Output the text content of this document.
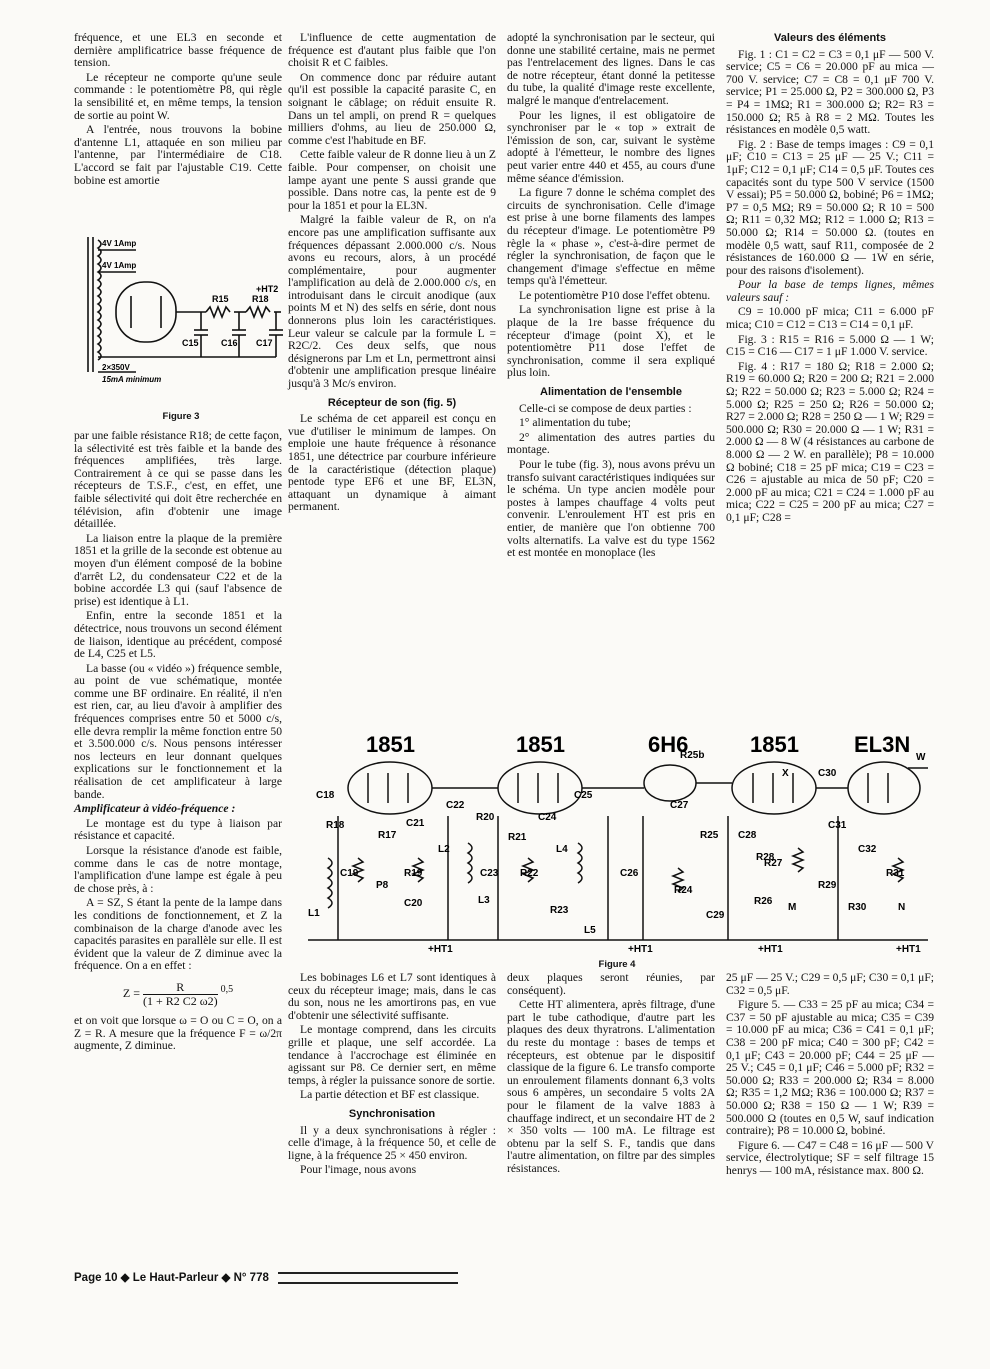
fréquence, et une EL3 en seconde et dernière amplificatrice basse fréquence de tension.

Le récepteur ne comporte qu'une seule commande : le potentiomètre P8, qui règle la sensibilité et, en même temps, la tension de sortie au point W.

A l'entrée, nous trouvons la bobine d'antenne L1, attaquée en son milieu par l'antenne, par l'intermédiaire de C18. L'accord se fait par l'ajustable C19. Cette bobine est amortie

4V 1Amp
4V 1Amp
R15	R18
+HT2
C15 C16 C17
2×350V
15mA minimum
Figure 3

par une faible résistance R18; de cette façon, la sélectivité est très faible et la bande des fréquences amplifiées, très large. Contrairement à ce qui se passe dans les récepteurs de T.S.F., c'est, en effet, une faible sélectivité qui doit être recherchée en télévision, afin d'obtenir une image détaillée.

La liaison entre la plaque de la première 1851 et la grille de la seconde est obtenue au moyen d'un élément composé de la bobine d'arrêt L2, du condensateur C22 et de la bobine accordée L3 qui (sauf l'absence de prise) est identique à L1.

Enfin, entre la seconde 1851 et la détectrice, nous trouvons un second élément de liaison, identique au précédent, composé de L4, C25 et L5.

La basse (ou « vidéo ») fréquence semble, au point de vue schématique, montée comme une BF ordinaire. En réalité, il n'en est rien, car, au lieu d'avoir à amplifier des fréquences comprises entre 50 et 5000 c/s, elle devra remplir la même fonction entre 50 et 3.500.000 c/s. Nous pensons intéresser nos lecteurs en leur donnant quelques explications sur le fonctionnement et la réalisation de cet amplificateur à large bande.

Amplificateur à vidéo-fréquence :

Le montage est du type à liaison par résistance et capacité.

Lorsque la résistance d'anode est faible, comme dans le cas de notre montage, l'amplification d'une lampe est égale à peu de chose près, à :

A = SZ, S étant la pente de la lampe dans les conditions de fonctionnement, et Z la combinaison de la charge d'anode avec les capacités parasites en parallèle sur elle. Il est évident que la valeur de Z diminue avec la fréquence. On a en effet :

$Z = \frac{R}{(1 + R2 C2 \omega 2)} ^{0,5}$

et on voit que lorsque ω = O ou C = O, on a Z = R. A mesure que la fréquence F = ω/2π augmente, Z diminue.

L'influence de cette augmentation de fréquence est d'autant plus faible que l'on choisit R et C faibles.

On commence donc par réduire autant qu'il est possible la capacité parasite C, en soignant le câblage; on réduit ensuite R. Dans un tel ampli, on prend R = quelques milliers d'ohms, au lieu de 250.000 Ω, comme c'est l'habitude en BF.

Cette faible valeur de R donne lieu à un Z faible. Pour compenser, on choisit une lampe ayant une pente S aussi grande que possible. Dans notre cas, la pente est de 9 pour la 1851 et pour la EL3N.

Malgré la faible valeur de R, on n'a encore pas une amplification suffisante aux fréquences dépassant 2.000.000 c/s. Nous avons eu recours, alors, à un procédé complémentaire, pour augmenter l'amplification au delà de 2.000.000 c/s, en introduisant dans le circuit anodique (aux points M et N) des selfs en série, dont nous donnerons plus loin les caractéristiques. Leur valeur se calcule par la formule L = R2C/2. Ces deux selfs, que nous désignerons par Lm et Ln, permettront ainsi d'obtenir une amplification presque linéaire jusqu'à 3 Mc/s environ.

Récepteur de son (fig. 5)

Le schéma de cet appareil est conçu en vue d'utiliser le minimum de lampes. On emploie une haute fréquence à résonance 1851, une détectrice par courbure inférieure de la caractéristique (détection plaque) pentode type EF6 et une BF, EL3N, attaquant un dynamique à aimant permanent.

adopté la synchronisation par le secteur, qui donne une stabilité certaine, mais ne permet pas l'entrelacement des lignes. Dans le cas de notre récepteur, étant donné la petitesse du tube, la qualité d'image reste excellente, malgré le manque d'entrelacement.

Pour les lignes, il est obligatoire de synchroniser par le « top » extrait de l'émission de son, car, suivant le système adopté à l'émetteur, le nombre des lignes peut varier entre 440 et 455, au cours d'une même séance d'émission.

La figure 7 donne le schéma complet des circuits de synchronisation. Celle d'image est prise à une borne filaments des lampes du récepteur d'image. Le potentiomètre P9 règle la « phase », c'est-à-dire permet de régler la synchronisation, de façon que le changement d'image s'effectue en même temps qu'à l'émetteur.

Le potentiomètre P10 dose l'effet obtenu.

La synchronisation ligne est prise à la plaque de la 1re basse fréquence du récepteur d'image (point X), et le potentiomètre P11 dose l'effet de synchronisation, comme il sera expliqué plus loin.

Alimentation de l'ensemble

Celle-ci se compose de deux parties :

1° alimentation du tube;

2° alimentation des autres parties du montage.

Pour le tube (fig. 3), nous avons prévu un transfo suivant caractéristiques indiquées sur le schéma. Un type ancien modèle pour postes à lampes chauffage 4 volts peut convenir. L'enroulement HT est pris en entier, de manière que l'on obtienne 700 volts alternatifs. La valve est du type 1562 et est montée en monoplace (les

Valeurs des éléments

Fig. 1 : C1 = C2 = C3 = 0,1 μF — 500 V. service; C5 = C6 = 20.000 pF au mica — 700 V. service; C7 = C8 = 0,1 μF 700 V. service; P1 = 25.000 Ω, P2 = 300.000 Ω, P3 = P4 = 1MΩ; R1 = 300.000 Ω; R2= R3 = 150.000 Ω; R5 à R8 = 2 MΩ. Toutes les résistances en modèle 0,5 watt.

Fig. 2 : Base de temps images : C9 = 0,1 μF; C10 = C13 = 25 μF — 25 V.; C11 = 1μF; C12 = 0,1 μF; C14 = 0,5 μF. Toutes ces capacités sont du type 500 V service (1500 V essai); P5 = 50.000 Ω, bobiné; P6 = 1MΩ; P7 = 0,5 MΩ; R9 = 50.000 Ω; R 10 = 500 Ω; R11 = 0,32 MΩ; R12 = 1.000 Ω; R13 = 50.000 Ω; R14 = 50.000 Ω. (toutes en modèle 0,5 watt, sauf R11, composée de 2 résistances de 160.000 Ω — 1W en série, pour des raisons d'isolement).

Pour la base de temps lignes, mêmes valeurs sauf :

C9 = 10.000 pF mica; C11 = 6.000 pF mica; C10 = C12 = C13 = C14 = 0,1 μF.

Fig. 3 : R15 = R16 = 5.000 Ω — 1 W; C15 = C16 — C17 = 1 μF 1.000 V. service.

Fig. 4 : R17 = 180 Ω; R18 = 2.000 Ω; R19 = 60.000 Ω; R20 = 200 Ω; R21 = 2.000 Ω; R22 = 50.000 Ω; R23 = 5.000 Ω; R24 = 5.000 Ω; R25 = 250 Ω; R26 = 50.000 Ω; R27 = 2.000 Ω; R28 = 250 Ω — 1 W; R29 = 500.000 Ω; R30 = 20.000 Ω — 1 W; R31 = 2.000 Ω — 8 W (4 résistances au carbone de 8.000 Ω — 2 W. en parallèle); P8 = 10.000 Ω bobiné; C18 = 25 pF mica; C19 = C23 = C26 = ajustable au mica de 50 pF; C20 = 2.000 pF au mica; C21 = C24 = 1.000 pF au mica; C22 = C25 = 200 pF au mica; C27 = 0,1 μF; C28 =

1851	1851	6H6	1851	EL3N
C18
R18	C21
C22
R20	C24
C25
L2
L3
L4
L5
R17
C19
P8
R19
C20
C23
R21
R22	C26
R23
R24
C27
R25
R25b
C28
R28
X	C30
C31
C32
R27
R29
R26
M	R30
R31
C29
N
W
L1
+HT1	+HT1	+HT1	+HT1
Figure 4

Les bobinages L6 et L7 sont identiques à ceux du récepteur image; mais, dans le cas du son, nous ne les amortirons pas, en vue d'obtenir une sélectivité suffisante.

Le montage comprend, dans les circuits grille et plaque, une self accordée. La tendance à l'accrochage est éliminée en agissant sur P8. Ce dernier sert, en même temps, à régler la puissance sonore de sortie.

La partie détection et BF est classique.

Synchronisation

Il y a deux synchronisations à régler : celle d'image, à la fréquence 50, et celle de ligne, à la fréquence 25 × 450 environ.

Pour l'image, nous avons

deux plaques seront réunies, par conséquent).

Cette HT alimentera, après filtrage, d'une part le tube cathodique, d'autre part les plaques des deux thyratrons. L'alimentation du reste du montage : bases de temps et récepteurs, est obtenue par le dispositif classique de la figure 6. Le transfo comporte un enroulement filaments donnant 6,3 volts sous 6 ampères, un secondaire 5 volts 2A pour le filament de la valve 1883 à chauffage indirect, et un secondaire HT de 2 × 350 volts — 100 mA. Le filtrage est obtenu par la self S. F., tandis que dans l'autre alimentation, on filtre par des simples résistances.

25 μF — 25 V.; C29 = 0,5 μF; C30 = 0,1 μF; C32 = 0,5 μF.

Figure 5. — C33 = 25 pF au mica; C34 = C37 = 50 pF ajustable au mica; C35 = C39 = 10.000 pF au mica; C36 = C41 = 0,1 μF; C38 = 200 pF mica; C40 = 300 pF; C42 = 0,1 μF; C43 = 20.000 pF; C44 = 25 μF — 25 V.; C45 = 0,1 μF; C46 = 5.000 pF; R32 = 50.000 Ω; R33 = 200.000 Ω; R34 = 8.000 Ω; R35 = 1,2 MΩ; R36 = 100.000 Ω; R37 = 50.000 Ω; R38 = 150 Ω — 1 W; R39 = 500.000 Ω (toutes en 0,5 W, sauf indication contraire); P8 = 10.000 Ω, bobiné.

Figure 6. — C47 = C48 = 16 μF — 500 V service, électrolytique; SF = self filtrage 15 henrys — 100 mA, résistance max. 800 Ω.

Page 10 ◆ Le Haut-Parleur ◆ N° 778
